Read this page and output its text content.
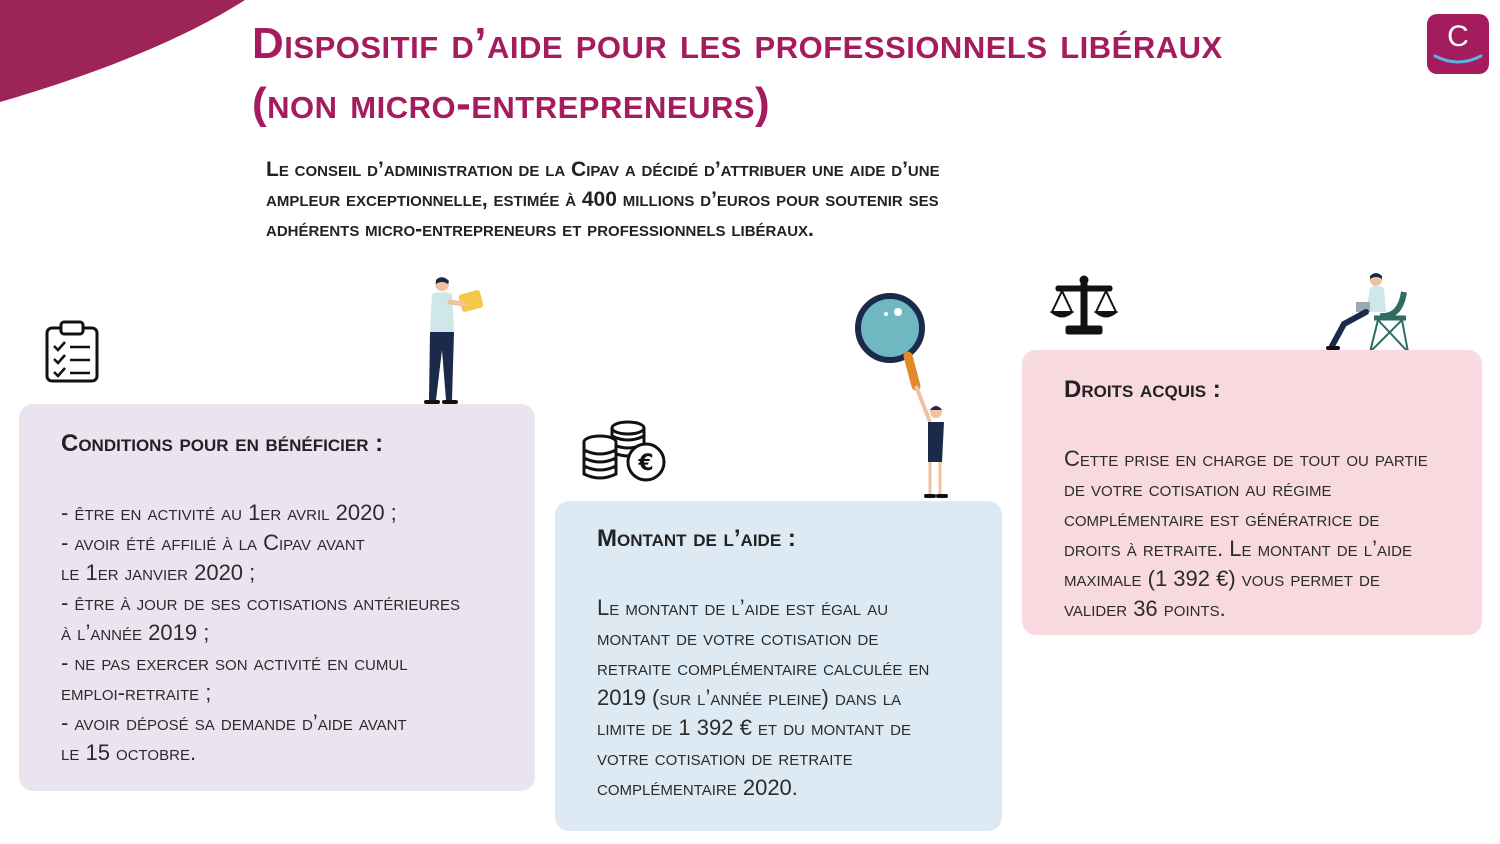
C
Dispositif d’aide pour les professionnels libéraux
(non micro-entrepreneurs)
Le conseil d’administration de la Cipav a décidé d’attribuer une aide d’une
ampleur exceptionnelle, estimée à 400 millions d’euros pour soutenir ses
adhérents micro-entrepreneurs et professionnels libéraux.
€
Conditions pour en bénéficier :
- être en activité au 1er avril 2020 ;
- avoir été affilié à la Cipav avant
le 1er janvier 2020 ;
- être à jour de ses cotisations antérieures
à l’année 2019 ;
- ne pas exercer son activité en cumul
emploi-retraite ;
- avoir déposé sa demande d’aide avant
le 15 octobre.
Montant de l’aide :
Le montant de l’aide est égal au
montant de votre cotisation de
retraite complémentaire calculée en
2019 (sur l’année pleine) dans la
limite de 1 392 € et du montant de
votre cotisation de retraite
complémentaire 2020.
Droits acquis :
Cette prise en charge de tout ou partie
de votre cotisation au régime
complémentaire est génératrice de
droits à retraite. Le montant de l’aide
maximale (1 392 €) vous permet de
valider 36 points.
